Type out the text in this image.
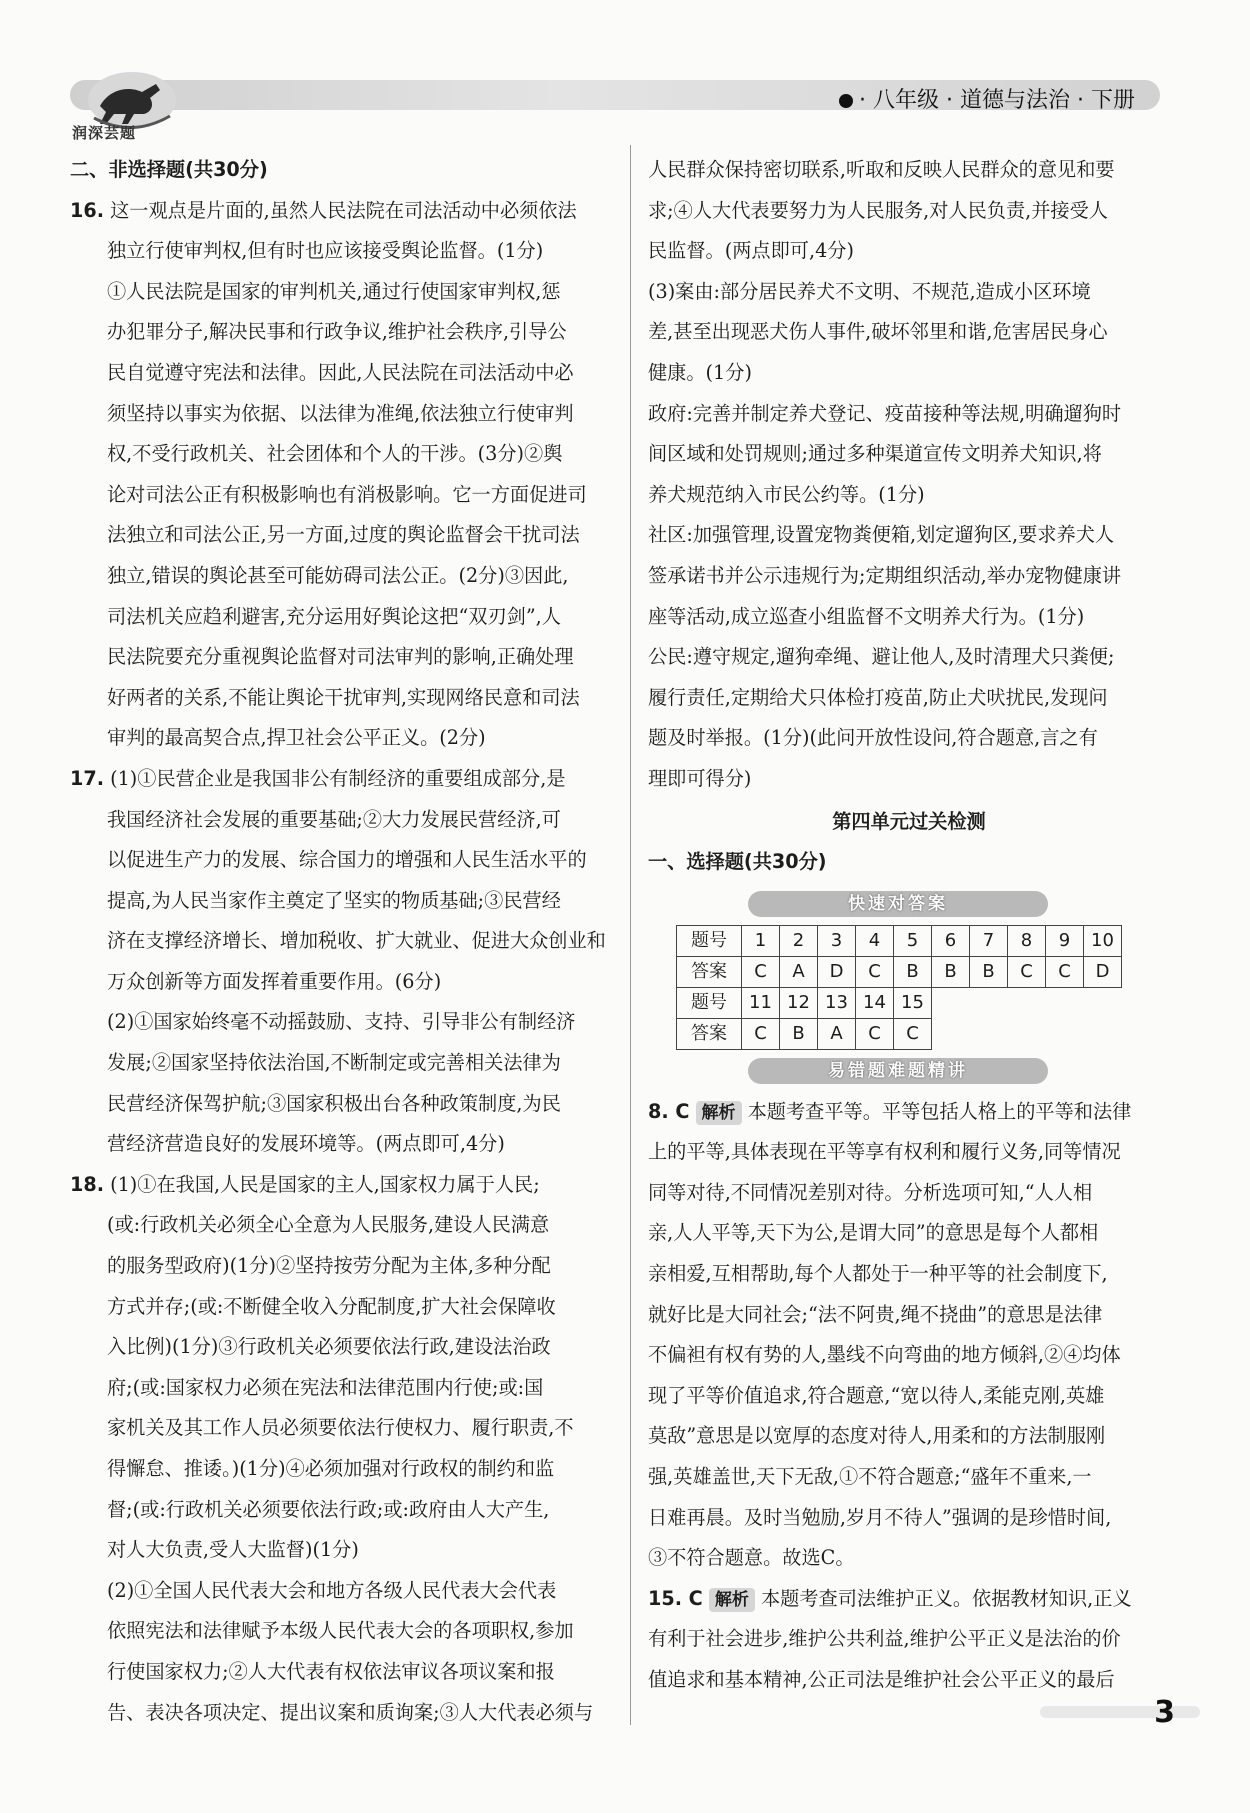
润深芸题
· 八年级 · 道德与法治 · 下册

二、非选择题(共30分)

16. 这一观点是片面的,虽然人民法院在司法活动中必须依法

独立行使审判权,但有时也应该接受舆论监督。(1分)

①人民法院是国家的审判机关,通过行使国家审判权,惩

办犯罪分子,解决民事和行政争议,维护社会秩序,引导公

民自觉遵守宪法和法律。因此,人民法院在司法活动中必

须坚持以事实为依据、以法律为准绳,依法独立行使审判

权,不受行政机关、社会团体和个人的干涉。(3分)②舆

论对司法公正有积极影响也有消极影响。它一方面促进司

法独立和司法公正,另一方面,过度的舆论监督会干扰司法

独立,错误的舆论甚至可能妨碍司法公正。(2分)③因此,

司法机关应趋利避害,充分运用好舆论这把“双刃剑”,人

民法院要充分重视舆论监督对司法审判的影响,正确处理

好两者的关系,不能让舆论干扰审判,实现网络民意和司法

审判的最高契合点,捍卫社会公平正义。(2分)

17. (1)①民营企业是我国非公有制经济的重要组成部分,是

我国经济社会发展的重要基础;②大力发展民营经济,可

以促进生产力的发展、综合国力的增强和人民生活水平的

提高,为人民当家作主奠定了坚实的物质基础;③民营经

济在支撑经济增长、增加税收、扩大就业、促进大众创业和

万众创新等方面发挥着重要作用。(6分)

(2)①国家始终毫不动摇鼓励、支持、引导非公有制经济

发展;②国家坚持依法治国,不断制定或完善相关法律为

民营经济保驾护航;③国家积极出台各种政策制度,为民

营经济营造良好的发展环境等。(两点即可,4分)

18. (1)①在我国,人民是国家的主人,国家权力属于人民;

(或:行政机关必须全心全意为人民服务,建设人民满意

的服务型政府)(1分)②坚持按劳分配为主体,多种分配

方式并存;(或:不断健全收入分配制度,扩大社会保障收

入比例)(1分)③行政机关必须要依法行政,建设法治政

府;(或:国家权力必须在宪法和法律范围内行使;或:国

家机关及其工作人员必须要依法行使权力、履行职责,不

得懈怠、推诿。)(1分)④必须加强对行政权的制约和监

督;(或:行政机关必须要依法行政;或:政府由人大产生,

对人大负责,受人大监督)(1分)

(2)①全国人民代表大会和地方各级人民代表大会代表

依照宪法和法律赋予本级人民代表大会的各项职权,参加

行使国家权力;②人大代表有权依法审议各项议案和报

告、表决各项决定、提出议案和质询案;③人大代表必须与

人民群众保持密切联系,听取和反映人民群众的意见和要

求;④人大代表要努力为人民服务,对人民负责,并接受人

民监督。(两点即可,4分)

(3)案由:部分居民养犬不文明、不规范,造成小区环境

差,甚至出现恶犬伤人事件,破坏邻里和谐,危害居民身心

健康。(1分)

政府:完善并制定养犬登记、疫苗接种等法规,明确遛狗时

间区域和处罚规则;通过多种渠道宣传文明养犬知识,将

养犬规范纳入市民公约等。(1分)

社区:加强管理,设置宠物粪便箱,划定遛狗区,要求养犬人

签承诺书并公示违规行为;定期组织活动,举办宠物健康讲

座等活动,成立巡查小组监督不文明养犬行为。(1分)

公民:遵守规定,遛狗牵绳、避让他人,及时清理犬只粪便;

履行责任,定期给犬只体检打疫苗,防止犬吠扰民,发现问

题及时举报。(1分)(此问开放性设问,符合题意,言之有

理即可得分)

第四单元过关检测

一、选择题(共30分)

快速对答案
题号	1	2	3	4	5	6	7	8	9	10
答案	C	A	D	C	B	B	B	C	C	D
题号	11	12	13	14	15					
答案	C	B	A	C	C					
易错题难题精讲

8. C 解析 本题考查平等。平等包括人格上的平等和法律

上的平等,具体表现在平等享有权利和履行义务,同等情况

同等对待,不同情况差别对待。分析选项可知,“人人相

亲,人人平等,天下为公,是谓大同”的意思是每个人都相

亲相爱,互相帮助,每个人都处于一种平等的社会制度下,

就好比是大同社会;“法不阿贵,绳不挠曲”的意思是法律

不偏袒有权有势的人,墨线不向弯曲的地方倾斜,②④均体

现了平等价值追求,符合题意,“宽以待人,柔能克刚,英雄

莫敌”意思是以宽厚的态度对待人,用柔和的方法制服刚

强,英雄盖世,天下无敌,①不符合题意;“盛年不重来,一

日难再晨。及时当勉励,岁月不待人”强调的是珍惜时间,

③不符合题意。故选C。

15. C 解析 本题考查司法维护正义。依据教材知识,正义

有利于社会进步,维护公共利益,维护公平正义是法治的价

值追求和基本精神,公正司法是维护社会公平正义的最后

3
